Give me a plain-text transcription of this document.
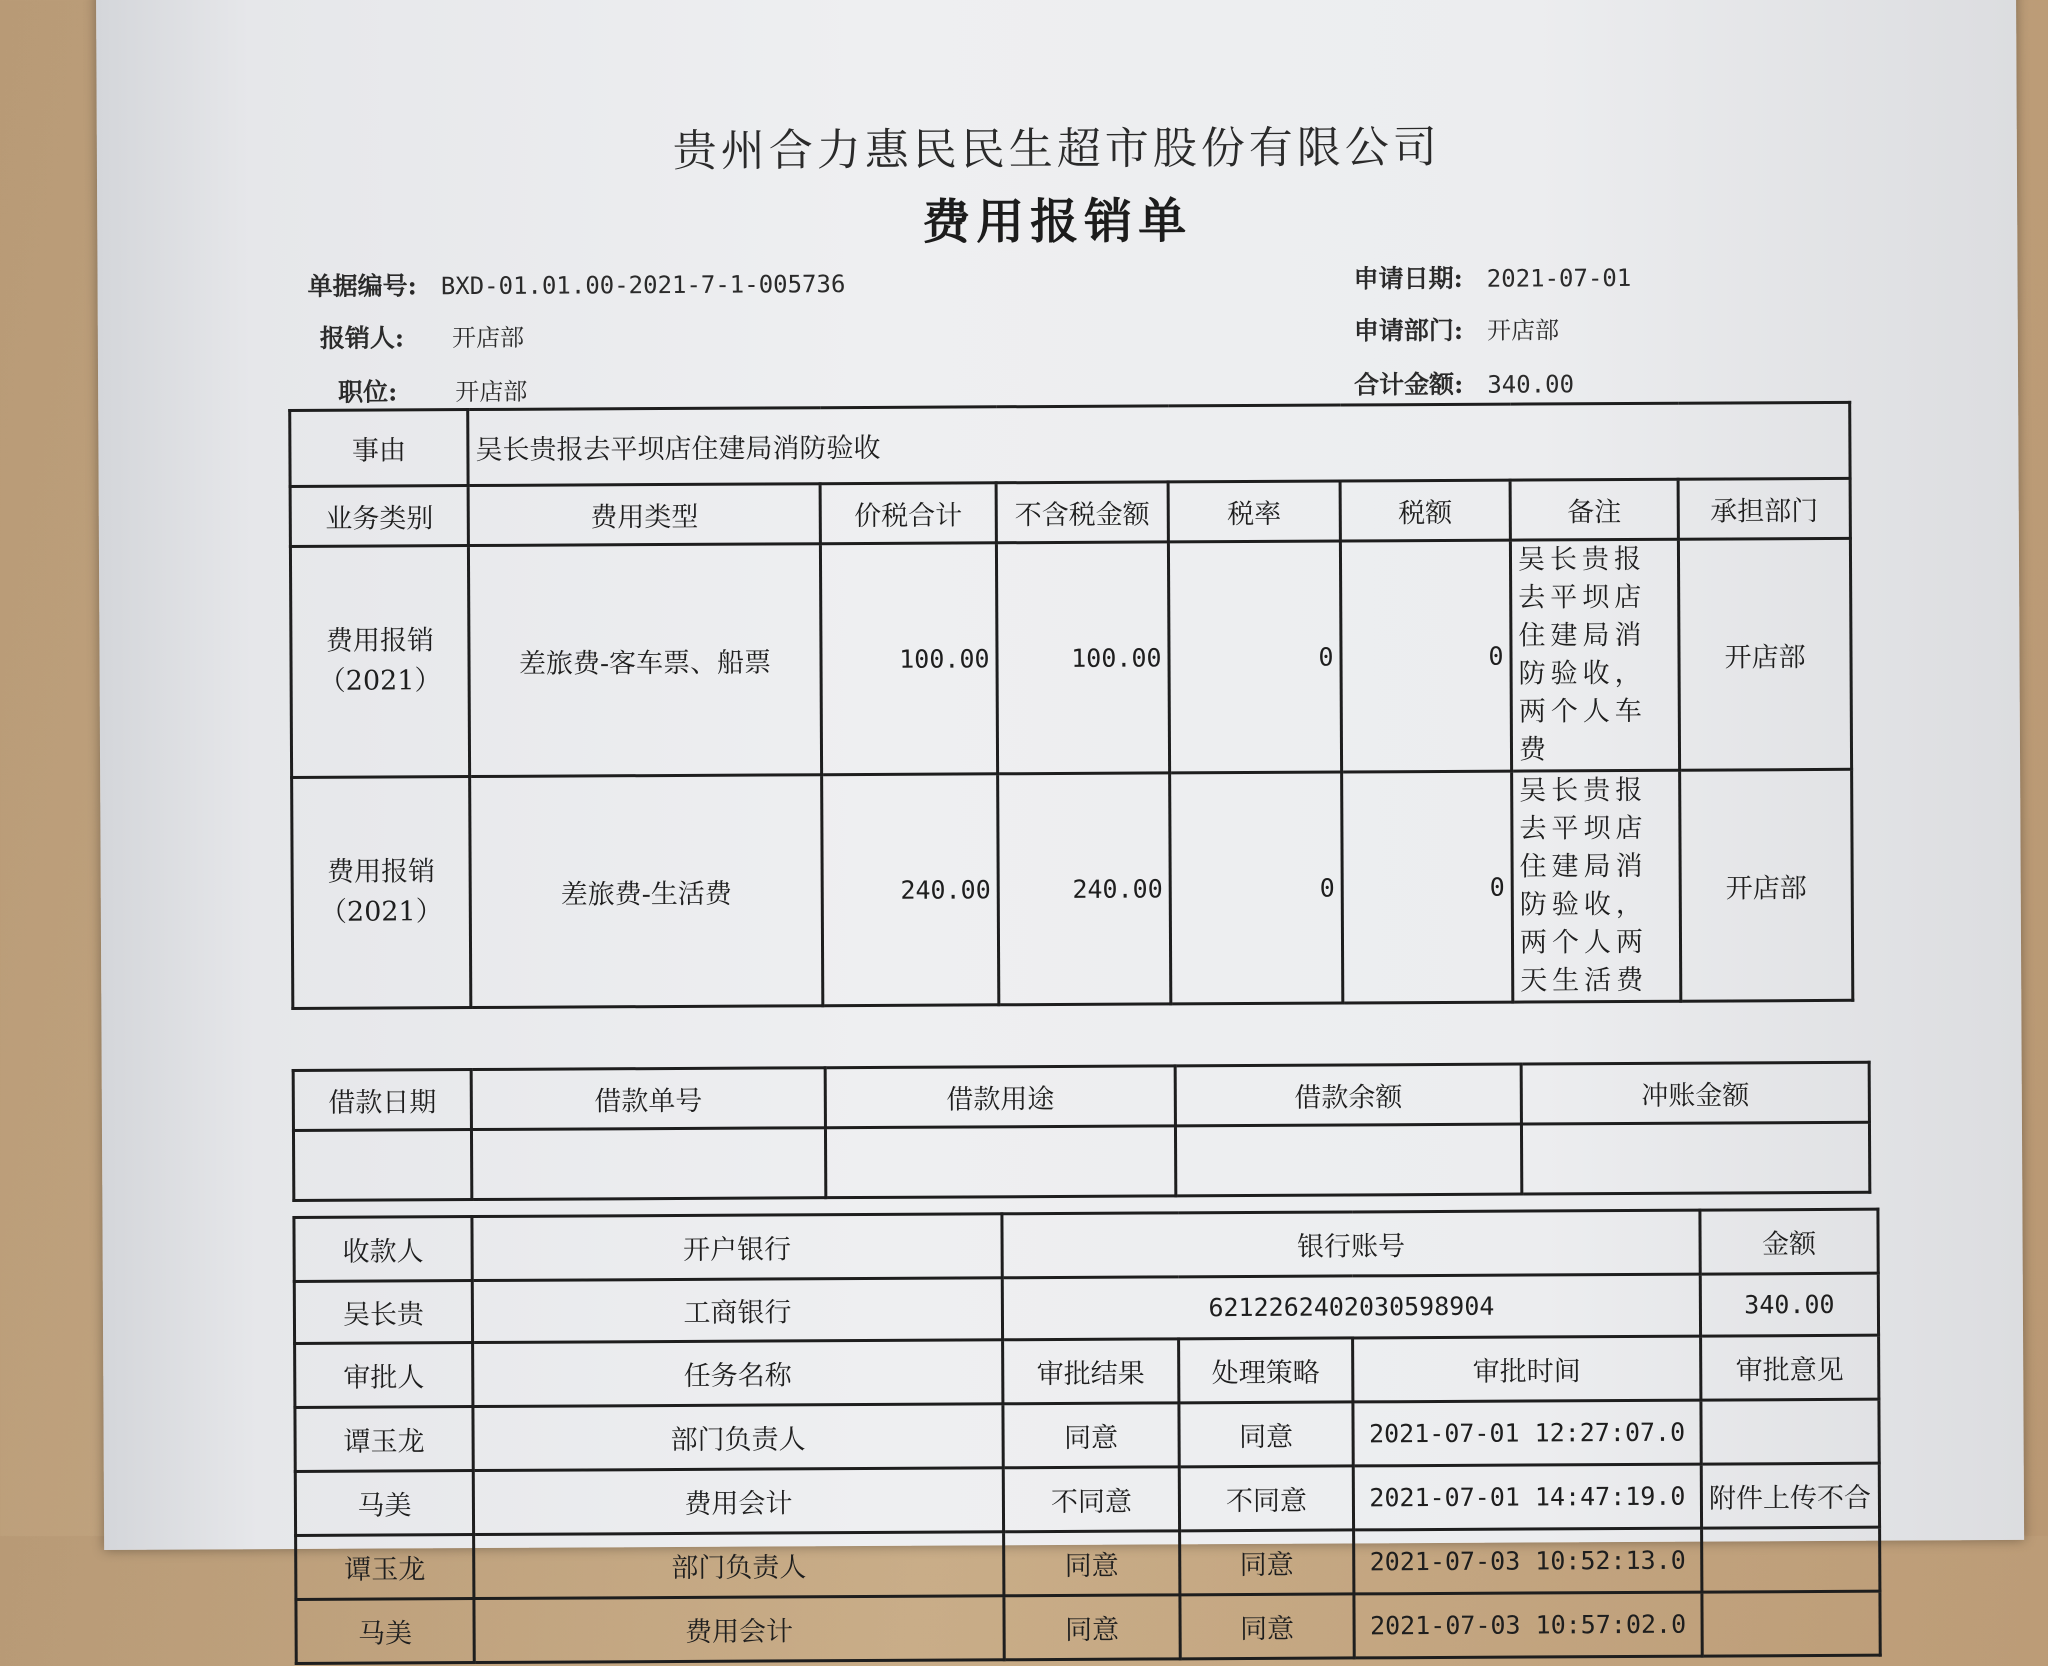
贵州合力惠民民生超市股份有限公司
费用报销单
单据编号: BXD-01.01.00-2021-7-1-005736
报销人: 开店部
职位: 开店部
申请日期: 2021-07-01
申请部门: 开店部
合计金额: 340.00
事由	吴长贵报去平坝店住建局消防验收						
业务类别	费用类型	价税合计	不含税金额	税率	税额	备注	承担部门
费用报销（2021）	差旅费-客车票、船票	100.00	100.00	0	0	吴长贵报去平坝店住建局消防验收，两个人车费	开店部
费用报销（2021）	差旅费-生活费	240.00	240.00	0	0	吴长贵报去平坝店住建局消防验收，两个人两天生活费	开店部
借款日期	借款单号	借款用途	借款余额	冲账金额

收款人	开户银行	银行账号			金额
吴长贵	工商银行	6212262402030598904			340.00
审批人	任务名称	审批结果	处理策略	审批时间	审批意见
谭玉龙	部门负责人	同意	同意	2021-07-01 12:27:07.0	
马美	费用会计	不同意	不同意	2021-07-01 14:47:19.0	附件上传不合
谭玉龙	部门负责人	同意	同意	2021-07-03 10:52:13.0	
马美	费用会计	同意	同意	2021-07-03 10:57:02.0	
